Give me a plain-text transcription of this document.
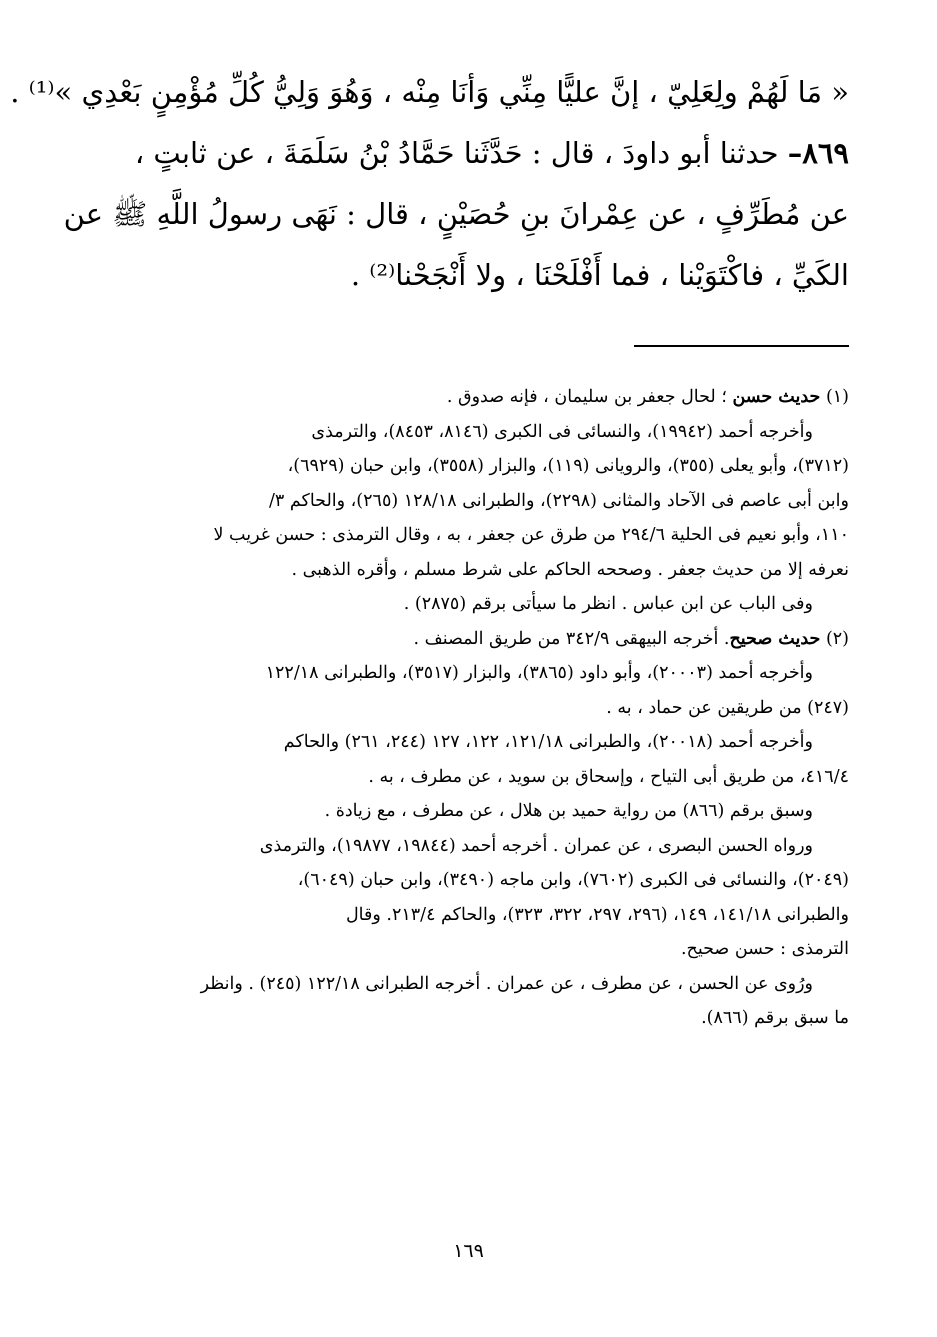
« مَا لَهُمْ ولِعَلِيّ ، إنَّ عليًّا مِنِّي وَأنَا مِنْه ، وَهُوَ وَلِيُّ كُلِّ مُؤْمِنٍ بَعْدِي »⁽¹⁾ .
٨٦٩– حدثنا أبو داودَ ، قال : حَدَّثَنا حَمَّادُ بْنُ سَلَمَةَ ، عن ثابتٍ ،
عن مُطَرِّفٍ ، عن عِمْرانَ بنِ حُصَيْنٍ ، قال : نَهَى رسولُ اللَّهِ ﷺ عن
الكَيِّ ، فاكْتَوَيْنا ، فما أَفْلَحْنَا ، ولا أَنْجَحْنا⁽²⁾ .
(١) حديث حسن ؛ لحال جعفر بن سليمان ، فإنه صدوق .
وأخرجه أحمد (١٩٩٤٢)، والنسائى فى الكبرى (٨١٤٦، ٨٤٥٣)، والترمذى
(٣٧١٢)، وأبو يعلى (٣٥٥)، والرويانى (١١٩)، والبزار (٣٥٥٨)، وابن حبان (٦٩٢٩)،
وابن أبى عاصم فى الآحاد والمثانى (٢٢٩٨)، والطبرانى ١٢٨/١٨ (٢٦٥)، والحاكم ٣/
١١٠، وأبو نعيم فى الحلية ٢٩٤/٦ من طرق عن جعفر ، به ، وقال الترمذى : حسن غريب لا
نعرفه إلا من حديث جعفر . وصححه الحاكم على شرط مسلم ، وأقره الذهبى .
وفى الباب عن ابن عباس . انظر ما سيأتى برقم (٢٨٧٥) .
(٢) حديث صحيح. أخرجه البيهقى ٣٤٢/٩ من طريق المصنف .
وأخرجه أحمد (٢٠٠٠٣)، وأبو داود (٣٨٦٥)، والبزار (٣٥١٧)، والطبرانى ١٢٢/١٨
(٢٤٧) من طريقين عن حماد ، به .
وأخرجه أحمد (٢٠٠١٨)، والطبرانى ١٢١/١٨، ١٢٢، ١٢٧ (٢٤٤، ٢٦١) والحاكم
٤١٦/٤، من طريق أبى التياح ، وإسحاق بن سويد ، عن مطرف ، به .
وسبق برقم (٨٦٦) من رواية حميد بن هلال ، عن مطرف ، مع زيادة .
ورواه الحسن البصرى ، عن عمران . أخرجه أحمد (١٩٨٤٤، ١٩٨٧٧)، والترمذى
(٢٠٤٩)، والنسائى فى الكبرى (٧٦٠٢)، وابن ماجه (٣٤٩٠)، وابن حبان (٦٠٤٩)،
والطبرانى ١٤١/١٨، ١٤٩، (٢٩٦، ٢٩٧، ٣٢٢، ٣٢٣)، والحاكم ٢١٣/٤. وقال
الترمذى : حسن صحيح.
ورُوى عن الحسن ، عن مطرف ، عن عمران . أخرجه الطبرانى ١٢٢/١٨ (٢٤٥) . وانظر
ما سبق برقم (٨٦٦).
١٦٩
